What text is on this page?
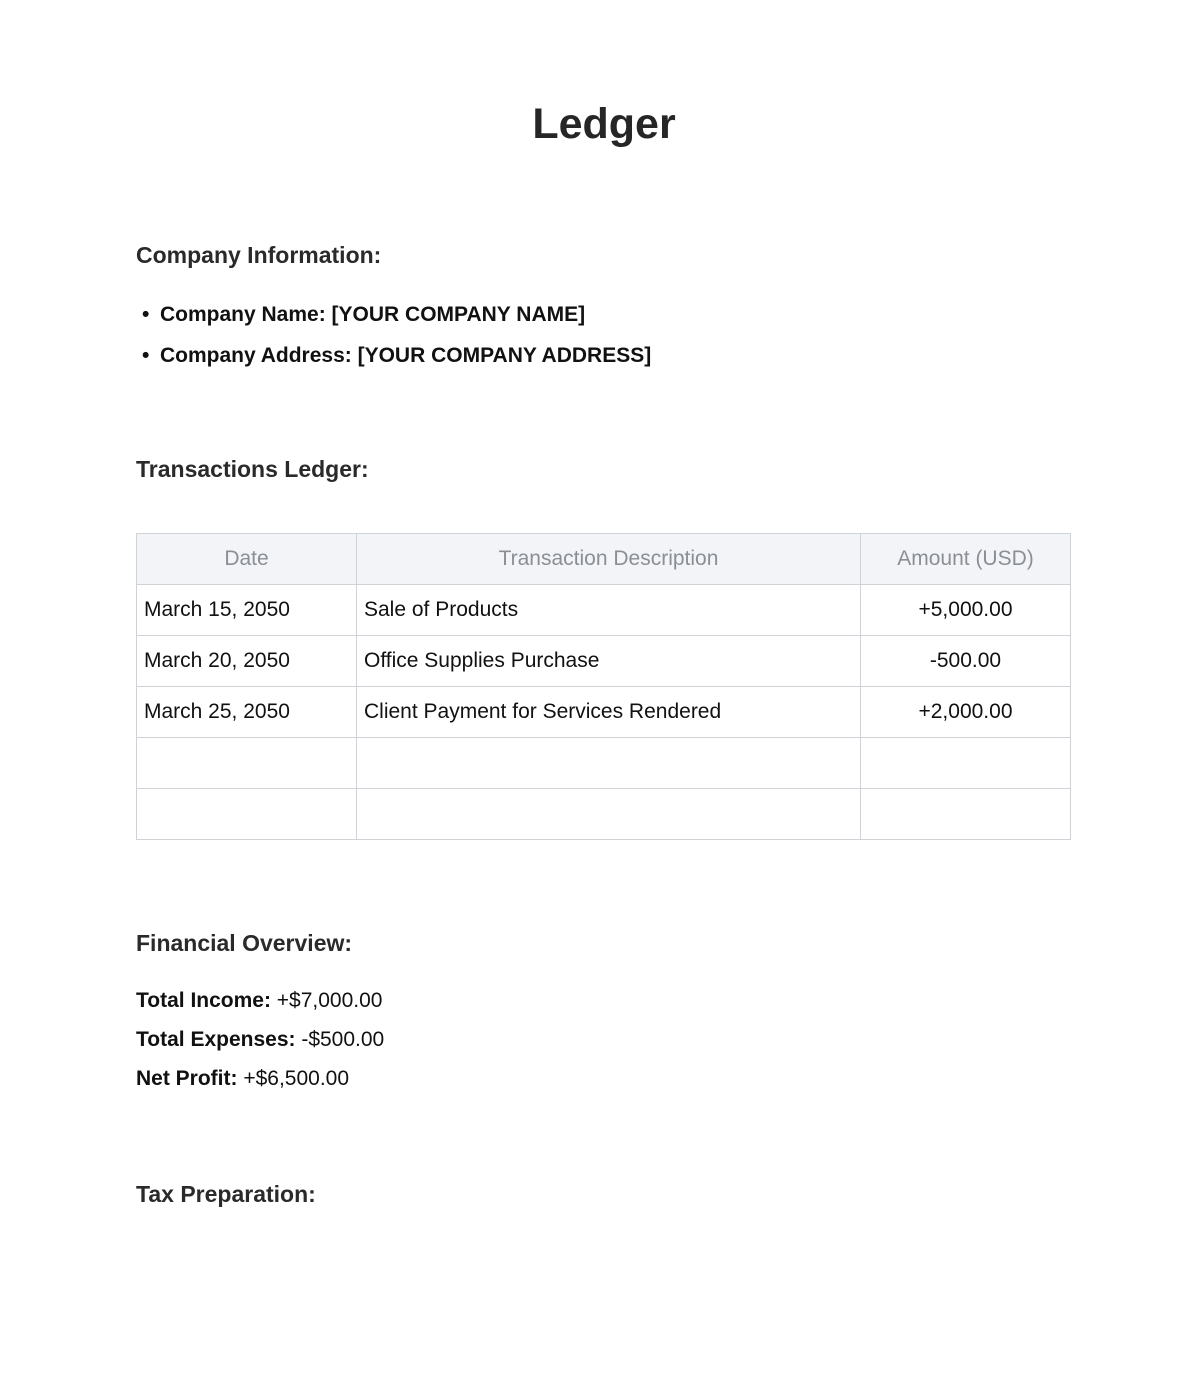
Ledger
Company Information:
• Company Name: [YOUR COMPANY NAME]
• Company Address: [YOUR COMPANY ADDRESS]
Transactions Ledger:
Date	Transaction Description	Amount (USD)
March 15, 2050	Sale of Products	+5,000.00
March 20, 2050	Office Supplies Purchase	-500.00
March 25, 2050	Client Payment for Services Rendered	+2,000.00

Financial Overview:
Total Income: +$7,000.00
Total Expenses: -$500.00
Net Profit: +$6,500.00
Tax Preparation:
